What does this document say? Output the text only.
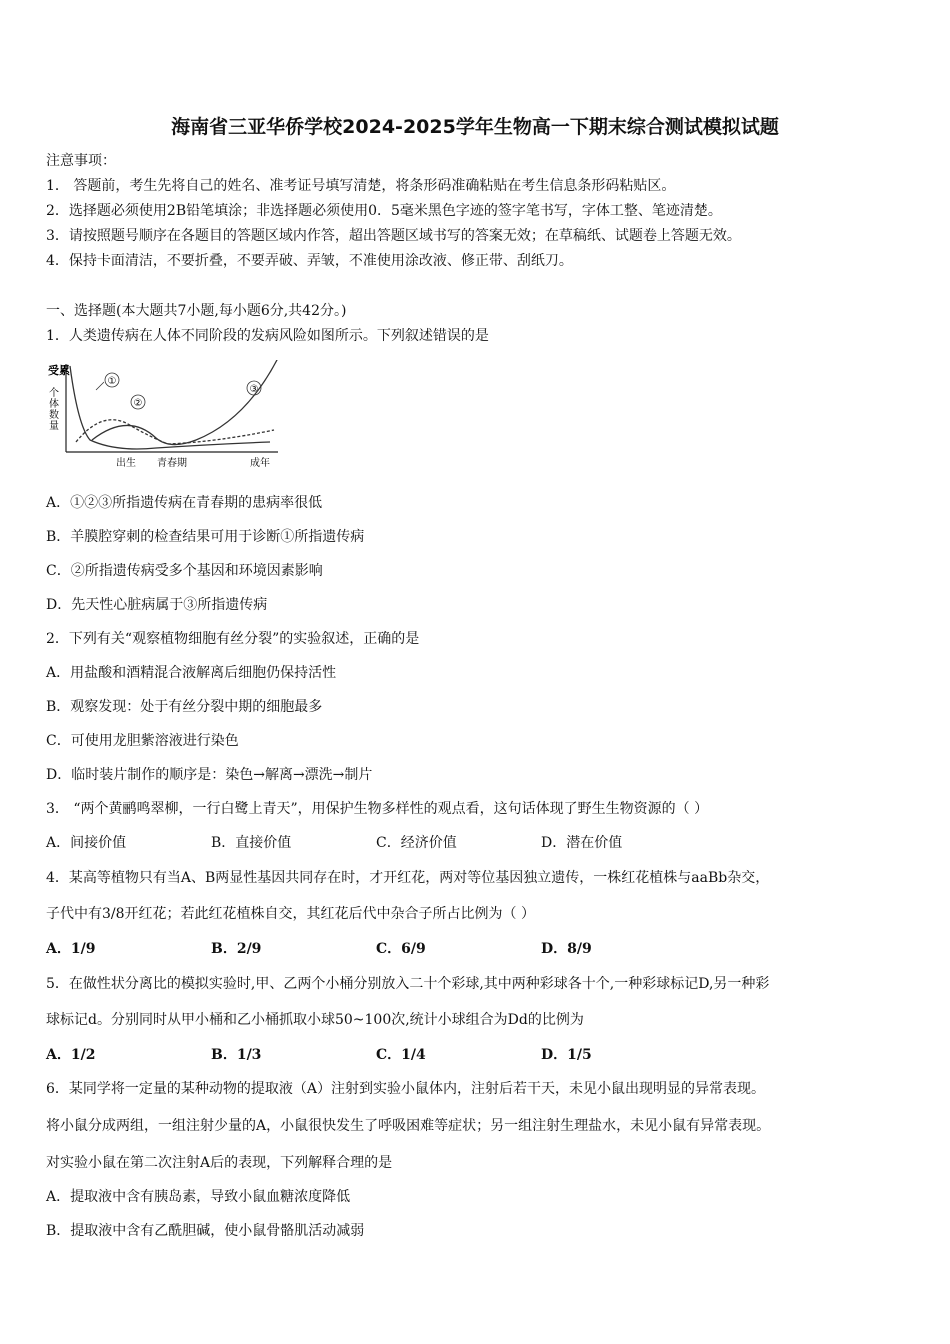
海南省三亚华侨学校2024-2025学年生物高一下期末综合测试模拟试题
注意事项：
1． 答题前，考生先将自己的姓名、准考证号填写清楚，将条形码准确粘贴在考生信息条形码粘贴区。
2．选择题必须使用2B铅笔填涂；非选择题必须使用0．5毫米黑色字迹的签字笔书写，字体工整、笔迹清楚。
3．请按照题号顺序在各题目的答题区域内作答，超出答题区域书写的答案无效；在草稿纸、试题卷上答题无效。
4．保持卡面清洁，不要折叠，不要弄破、弄皱，不准使用涂改液、修正带、刮纸刀。
一、选择题(本大题共7小题,每小题6分,共42分。)
1．人类遗传病在人体不同阶段的发病风险如图所示。下列叙述错误的是
受累
个体数量
①
②
③
出生 青春期	成年
A．①②③所指遗传病在青春期的患病率很低
B．羊膜腔穿刺的检查结果可用于诊断①所指遗传病
C．②所指遗传病受多个基因和环境因素影响
D．先天性心脏病属于③所指遗传病
2．下列有关“观察植物细胞有丝分裂”的实验叙述，正确的是
A．用盐酸和酒精混合液解离后细胞仍保持活性
B．观察发现：处于有丝分裂中期的细胞最多
C．可使用龙胆紫溶液进行染色
D．临时装片制作的顺序是：染色→解离→漂洗→制片
3． “两个黄鹂鸣翠柳，一行白鹭上青天”，用保护生物多样性的观点看，这句话体现了野生生物资源的（ ）
A．间接价值	B．直接价值	C．经济价值	D．潜在价值
4．某高等植物只有当A、B两显性基因共同存在时，才开红花，两对等位基因独立遗传，一株红花植株与aaBb杂交，
子代中有3/8开红花；若此红花植株自交，其红花后代中杂合子所占比例为（ ）
A．1/9	B．2/9	C．6/9	D．8/9
5．在做性状分离比的模拟实验时,甲、乙两个小桶分别放入二十个彩球,其中两种彩球各十个,一种彩球标记D,另一种彩
球标记d。分别同时从甲小桶和乙小桶抓取小球50~100次,统计小球组合为Dd的比例为
A．1/2	B．1/3	C．1/4	D．1/5
6．某同学将一定量的某种动物的提取液（A）注射到实验小鼠体内，注射后若干天，未见小鼠出现明显的异常表现。
将小鼠分成两组，一组注射少量的A，小鼠很快发生了呼吸困难等症状；另一组注射生理盐水，未见小鼠有异常表现。
对实验小鼠在第二次注射A后的表现，下列解释合理的是
A．提取液中含有胰岛素，导致小鼠血糖浓度降低
B．提取液中含有乙酰胆碱，使小鼠骨骼肌活动减弱
